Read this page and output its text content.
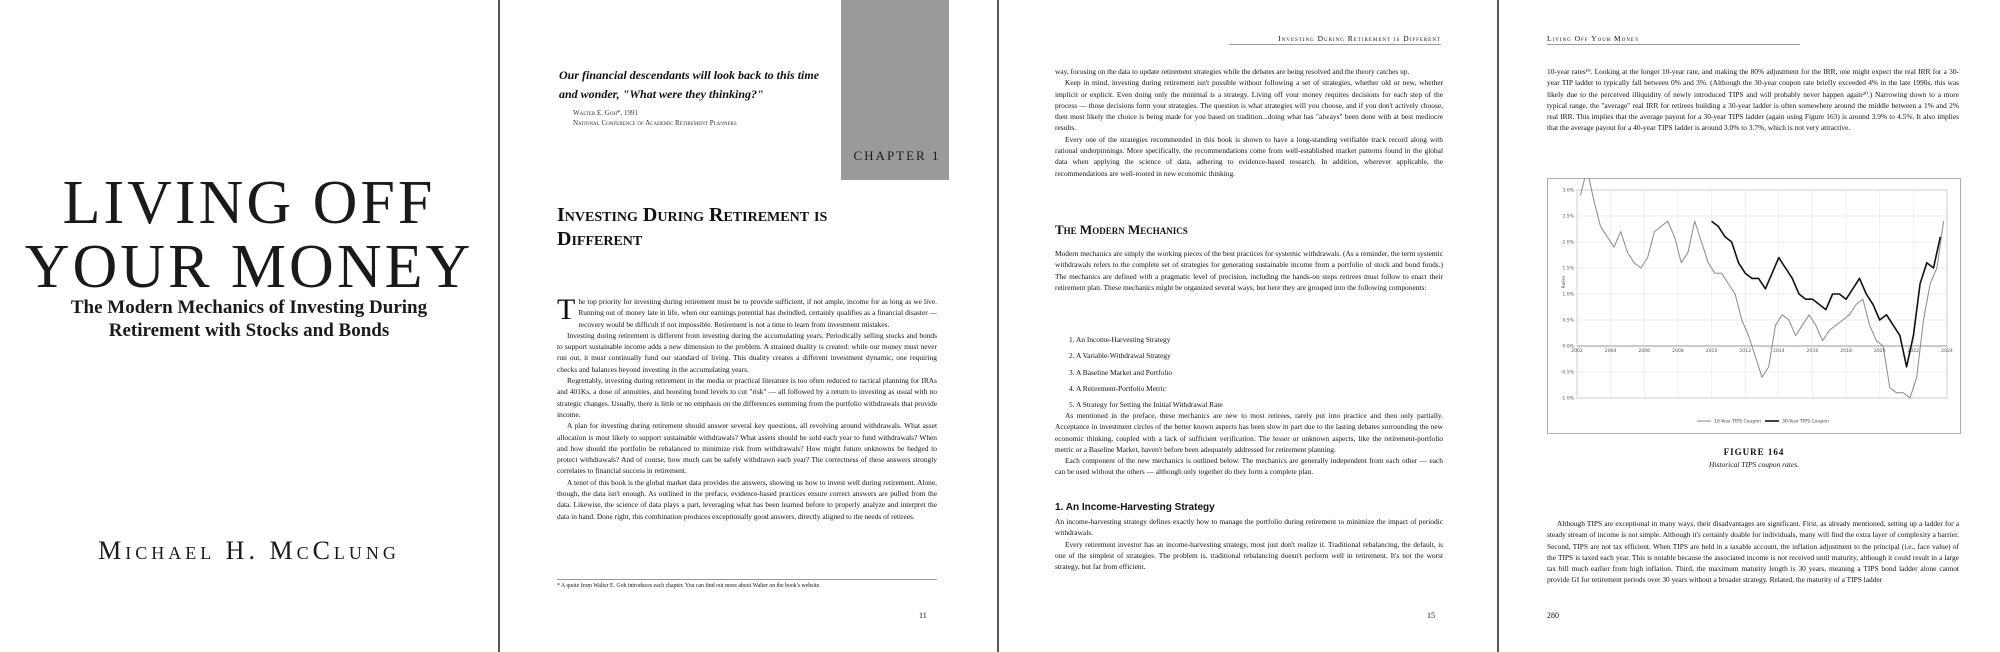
LIVING OFF
YOUR MONEY
The Modern Mechanics of Investing During Retirement with Stocks and Bonds
Michael H. McClung
CHAPTER 1
Our financial descendants will look back to this time and wonder, "What were they thinking?"
Walter E. Goh*, 1991
National Conference of Academic Retirement Planners
Investing During Retirement is Different

The top priority for investing during retirement must be to provide sufficient, if not ample, income for as long as we live. Running out of money late in life, when our earnings potential has dwindled, certainly qualifies as a financial disaster — recovery would be difficult if not impossible. Retirement is not a time to learn from investment mistakes.

Investing during retirement is different from investing during the accumulating years. Periodically selling stocks and bonds to support sustainable income adds a new dimension to the problem. A strained duality is created: while our money must never run out, it must continually fund our standard of living. This duality creates a different investment dynamic, one requiring checks and balances beyond investing in the accumulating years.

Regrettably, investing during retirement in the media or practical literature is too often reduced to tactical planning for IRAs and 401Ks, a dose of annuities, and boosting bond levels to cut "risk" — all followed by a return to investing as usual with no strategic changes. Usually, there is little or no emphasis on the differences stemming from the portfolio withdrawals that provide income.

A plan for investing during retirement should answer several key questions, all revolving around withdrawals. What asset allocation is most likely to support sustainable withdrawals? What assets should be sold each year to fund withdrawals? When and how should the portfolio be rebalanced to minimize risk from withdrawals? How might future unknowns be hedged to protect withdrawals? And of course, how much can be safely withdrawn each year? The correctness of these answers strongly correlates to financial success in retirement.

A tenet of this book is the global market data provides the answers, showing us how to invest well during retirement. Alone, though, the data isn't enough. As outlined in the preface, evidence-based practices ensure correct answers are pulled from the data. Likewise, the science of data plays a part, leveraging what has been learned before to properly analyze and interpret the data in hand. Done right, this combination produces exceptionally good answers, directly aligned to the needs of retirees.

* A quote from Walter E. Goh introduces each chapter. You can find out more about Walter on the book's website.
11
Investing During Retirement is Different

way, focusing on the data to update retirement strategies while the debates are being resolved and the theory catches up.

Keep in mind, investing during retirement isn't possible without following a set of strategies, whether old or new, whether implicit or explicit. Even doing only the minimal is a strategy. Living off your money requires decisions for each step of the process — those decisions form your strategies. The question is what strategies will you choose, and if you don't actively choose, then most likely the choice is being made for you based on tradition...doing what has "always" been done with at best mediocre results.

Every one of the strategies recommended in this book is shown to have a long-standing verifiable track record along with rational underpinnings. More specifically, the recommendations come from well-established market patterns found in the global data when applying the science of data, adhering to evidence-based research. In addition, wherever applicable, the recommendations are well-rooted in new economic thinking.

The Modern Mechanics

Modern mechanics are simply the working pieces of the best practices for systemic withdrawals. (As a reminder, the term systemic withdrawals refers to the complete set of strategies for generating sustainable income from a portfolio of stock and bond funds.) The mechanics are defined with a pragmatic level of precision, including the hands-on steps retirees must follow to enact their retirement plan. These mechanics might be organized several ways, but here they are grouped into the following components:

1. An Income-Harvesting Strategy
2. A Variable-Withdrawal Strategy
3. A Baseline Market and Portfolio
4. A Retirement-Portfolio Metric
5. A Strategy for Setting the Initial Withdrawal Rate

As mentioned in the preface, these mechanics are new to most retirees, rarely put into practice and then only partially. Acceptance in investment circles of the better known aspects has been slow in part due to the lasting debates surrounding the new economic thinking, coupled with a lack of sufficient verification. The lesser or unknown aspects, like the retirement-portfolio metric or a Baseline Market, haven't before been adequately addressed for retirement planning.

Each component of the new mechanics is outlined below. The mechanics are generally independent from each other — each can be used without the others — although only together do they form a complete plan.

1. An Income-Harvesting Strategy

An income-harvesting strategy defines exactly how to manage the portfolio during retirement to minimize the impact of periodic withdrawals.

Every retirement investor has an income-harvesting strategy, most just don't realize it. Traditional rebalancing, the default, is one of the simplest of strategies. The problem is, traditional rebalancing doesn't perform well in retirement. It's not the worst strategy, but far from efficient.

15
Living Off Your Money

10-year rates¹⁹. Looking at the longer 10-year rate, and making the 80% adjustment for the IRR, one might expect the real IRR for a 30-year TIP ladder to typically fall between 0% and 3%. (Although the 30-year coupon rate briefly exceeded 4% in the late 1990s, this was likely due to the perceived illiquidity of newly introduced TIPS and will probably never happen again²⁰.) Narrowing down to a more typical range, the "average" real IRR for retirees building a 30-year ladder is often somewhere around the middle between a 1% and 2% real IRR. This implies that the average payout for a 30-year TIPS ladder (again using Figure 163) is around 3.9% to 4.5%. It also implies that the average payout for a 40-year TIPS ladder is around 3.0% to 3.7%, which is not very attractive.

3.0%
2.5%
2.0%
1.5%
1.0%
0.5%
0.0%
-0.5%
-1.0%
2002	2004	2006	2008	2010	2012	2014	2016	2018	2020	2022	2024
Rates
10-Year TIPS Coupon	30-Year TIPS Coupon
FIGURE 164
Historical TIPS coupon rates.

Although TIPS are exceptional in many ways, their disadvantages are significant. First, as already mentioned, setting up a ladder for a steady stream of income is not simple. Although it's certainly doable for individuals, many will find the extra layer of complexity a barrier. Second, TIPS are not tax efficient. When TIPS are held in a taxable account, the inflation adjustment to the principal (i.e., face value) of the TIPS is taxed each year. This is notable because the associated income is not received until maturity, although it could result in a large tax bill much earlier from high inflation. Third, the maximum maturity length is 30 years, meaning a TIPS bond ladder alone cannot provide GI for retirement periods over 30 years without a broader strategy. Related, the maturity of a TIPS ladder

280
